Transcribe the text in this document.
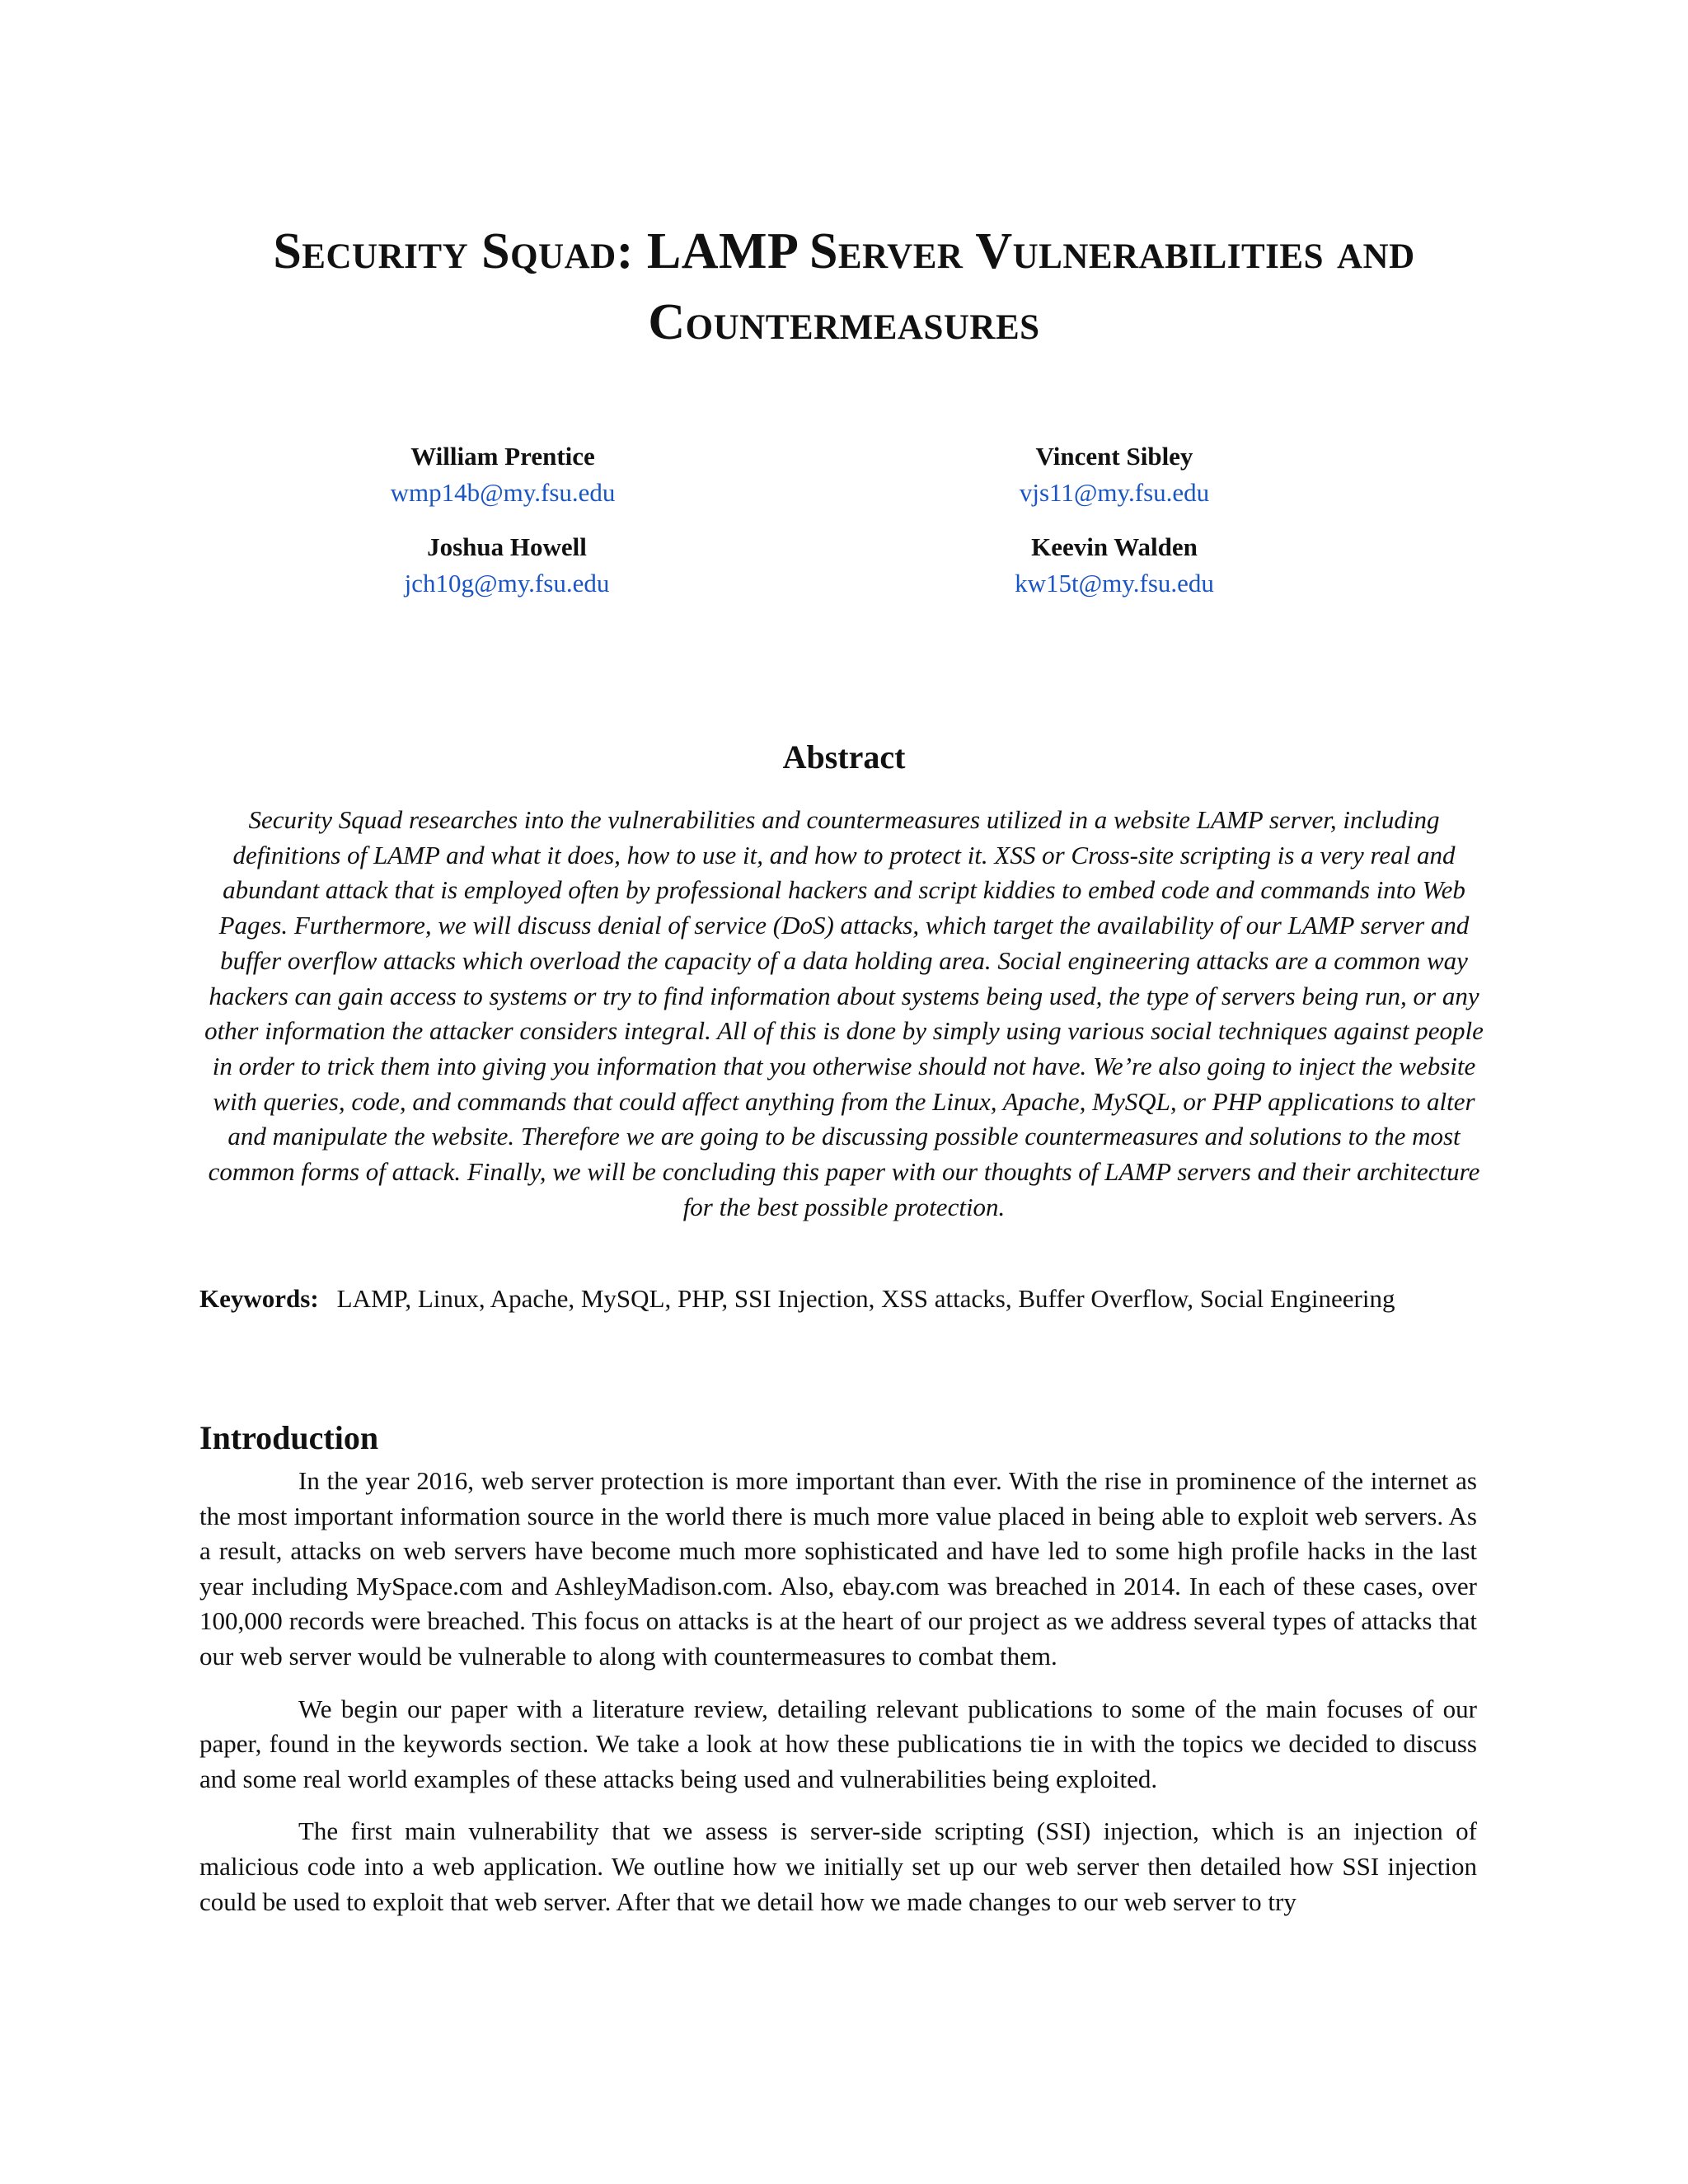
Security Squad: LAMP Server Vulnerabilities and Countermeasures
William Prentice
wmp14b@my.fsu.edu
Vincent Sibley
vjs11@my.fsu.edu
Joshua Howell
jch10g@my.fsu.edu
Keevin Walden
kw15t@my.fsu.edu
Abstract
Security Squad researches into the vulnerabilities and countermeasures utilized in a website LAMP server, including definitions of LAMP and what it does, how to use it, and how to protect it. XSS or Cross-site scripting is a very real and abundant attack that is employed often by professional hackers and script kiddies to embed code and commands into Web Pages. Furthermore, we will discuss denial of service (DoS) attacks, which target the availability of our LAMP server and buffer overflow attacks which overload the capacity of a data holding area. Social engineering attacks are a common way hackers can gain access to systems or try to find information about systems being used, the type of servers being run, or any other information the attacker considers integral. All of this is done by simply using various social techniques against people in order to trick them into giving you information that you otherwise should not have. We’re also going to inject the website with queries, code, and commands that could affect anything from the Linux, Apache, MySQL, or PHP applications to alter and manipulate the website. Therefore we are going to be discussing possible countermeasures and solutions to the most common forms of attack. Finally, we will be concluding this paper with our thoughts of LAMP servers and their architecture for the best possible protection.
Keywords: LAMP, Linux, Apache, MySQL, PHP, SSI Injection, XSS attacks, Buffer Overflow, Social Engineering
Introduction

In the year 2016, web server protection is more important than ever. With the rise in prominence of the internet as the most important information source in the world there is much more value placed in being able to exploit web servers. As a result, attacks on web servers have become much more sophisticated and have led to some high profile hacks in the last year including MySpace.com and AshleyMadison.com. Also, ebay.com was breached in 2014. In each of these cases, over 100,000 records were breached. This focus on attacks is at the heart of our project as we address several types of attacks that our web server would be vulnerable to along with countermeasures to combat them.

We begin our paper with a literature review, detailing relevant publications to some of the main focuses of our paper, found in the keywords section. We take a look at how these publications tie in with the topics we decided to discuss and some real world examples of these attacks being used and vulnerabilities being exploited.

The first main vulnerability that we assess is server-side scripting (SSI) injection, which is an injection of malicious code into a web application. We outline how we initially set up our web server then detailed how SSI injection could be used to exploit that web server. After that we detail how we made changes to our web server to try
